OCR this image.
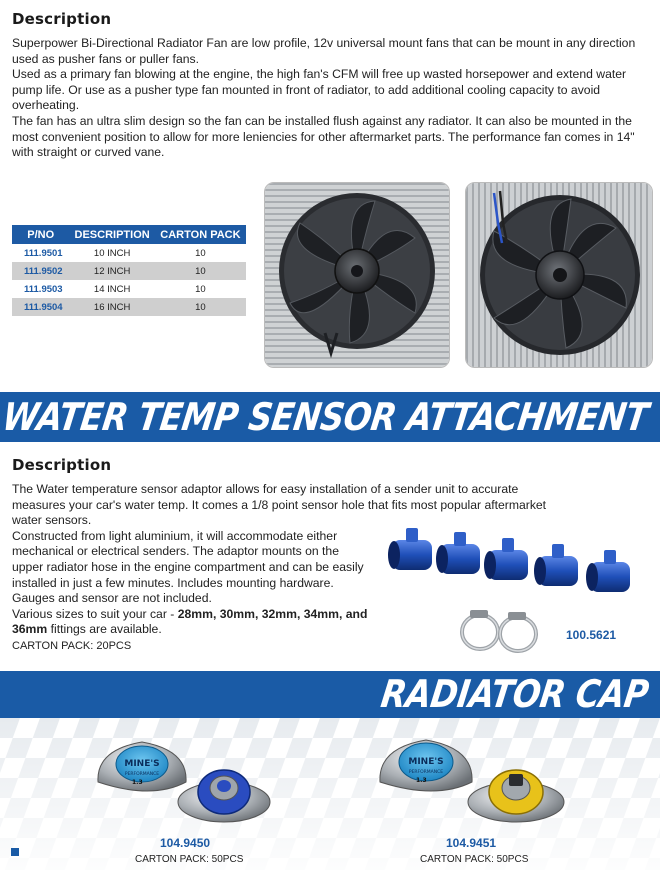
Description

Superpower Bi-Directional Radiator Fan are low profile, 12v universal mount fans that can be mount in any direction used as pusher fans or puller fans.

Used as a primary fan blowing at the engine, the high fan's CFM will free up wasted horsepower and extend water pump life. Or use as a pusher type fan mounted in front of radiator, to add additional cooling capacity to avoid overheating.

The fan has an ultra slim design so the fan can be installed flush against any radiator. It can also be mounted in the most convenient position to allow for more leniencies for other aftermarket parts. The performance fan comes in 14" with straight or curved vane.

P/NO	DESCRIPTION	CARTON PACK
111.9501	10 INCH	10
111.9502	12 INCH	10
111.9503	14 INCH	10
111.9504	16 INCH	10
WATER TEMP SENSOR ATTACHMENT
Description

The Water temperature sensor adaptor allows for easy installation of a sender unit to accurate measures your car's water temp. It comes a 1/8 point sensor hole that fits most popular aftermarket water sensors.

Constructed from light aluminium, it will accommodate either

mechanical or electrical senders. The adaptor mounts on the

upper radiator hose in the engine compartment and can be easily

installed in just a few minutes. Includes mounting hardware.

Gauges and sensor are not included.

Various sizes to suit your car - 28mm, 30mm, 32mm, 34mm, and

36mm fittings are available.

CARTON PACK: 20PCS
100.5621
RADIATOR CAP
MINE'S
PERFORMANCE
1.3
104.9450
CARTON PACK: 50PCS
MINE'S
PERFORMANCE
1.3
104.9451
CARTON PACK: 50PCS
